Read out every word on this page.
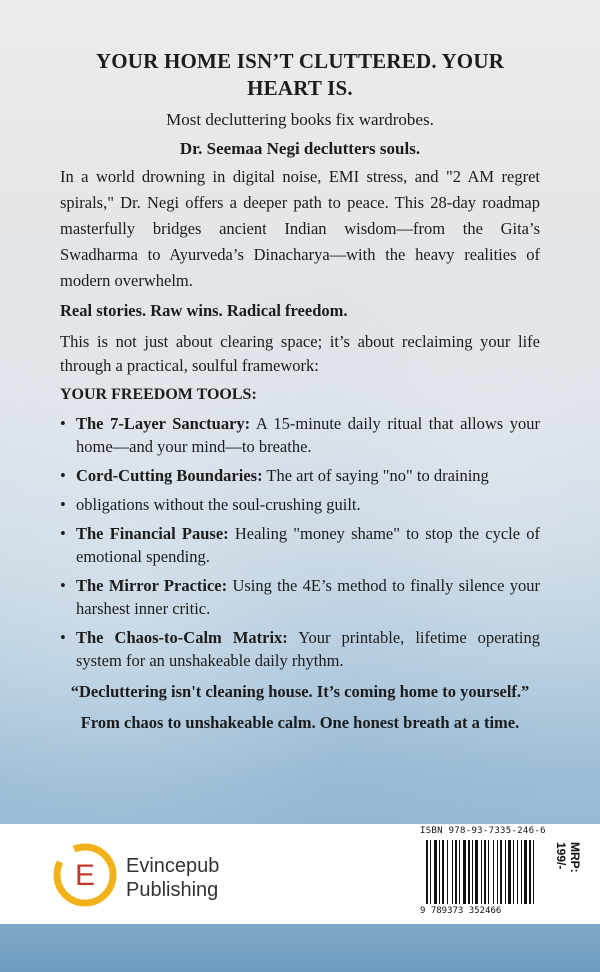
YOUR HOME ISN’T CLUTTERED. YOUR HEART IS.

Most decluttering books fix wardrobes.

Dr. Seemaa Negi declutters souls.

In a world drowning in digital noise, EMI stress, and "2 AM regret spirals," Dr. Negi offers a deeper path to peace. This 28-day roadmap masterfully bridges ancient Indian wisdom—from the Gita’s Swadharma to Ayurveda’s Dinacharya—with the heavy realities of modern overwhelm.

Real stories. Raw wins. Radical freedom.

This is not just about clearing space; it’s about reclaiming your life through a practical, soulful framework:

YOUR FREEDOM TOOLS:

• The 7-Layer Sanctuary: A 15-minute daily ritual that allows your home—and your mind—to breathe.
• Cord-Cutting Boundaries: The art of saying "no" to draining
• obligations without the soul-crushing guilt.
• The Financial Pause: Healing "money shame" to stop the cycle of emotional spending.
• The Mirror Practice: Using the 4E’s method to finally silence your harshest inner critic.
• The Chaos-to-Calm Matrix: Your printable, lifetime operating system for an unshakeable daily rhythm.

“Decluttering isn't cleaning house. It’s coming home to yourself.”

From chaos to unshakeable calm. One honest breath at a time.

E Evincepub
Publishing
ISBN 978-93-7335-246-6
9 789373 352466
MRP: 199/-
